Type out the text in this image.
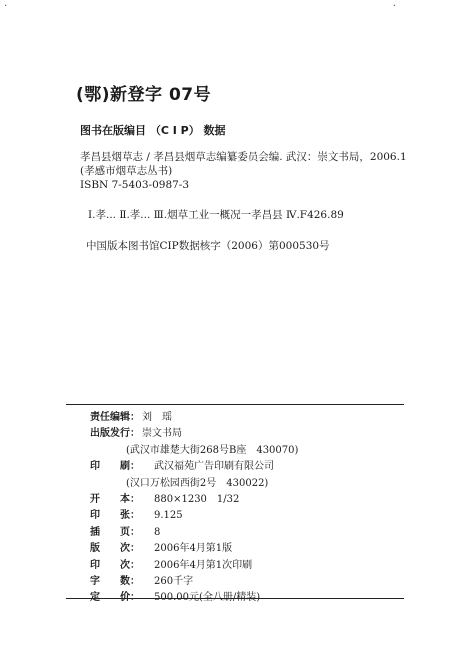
·	·
(鄂)新登字 07号
图书在版编目 （C I P） 数据
孝昌县烟草志 / 孝昌县烟草志编纂委员会编. 武汉：崇文书局，2006.1
(孝感市烟草志丛书)
ISBN 7-5403-0987-3
Ⅰ.孝... Ⅱ.孝... Ⅲ.烟草工业一概况一孝昌县 Ⅳ.F426.89
中国版本图书馆CIP数据核字（2006）第000530号
责任编辑： 刘　瑶
出版发行： 崇文书局
(武汉市雄楚大街268号B座　430070)
印　　刷： 武汉福苑广告印刷有限公司
(汉口万松园西街2号　430022)
开　　本： 880×1230　1/32
印　　张： 9.125
插　　页： 8
版　　次： 2006年4月第1版
印　　次： 2006年4月第1次印刷
字　　数： 260千字
定　　价： 500.00元(全八册/精装)
